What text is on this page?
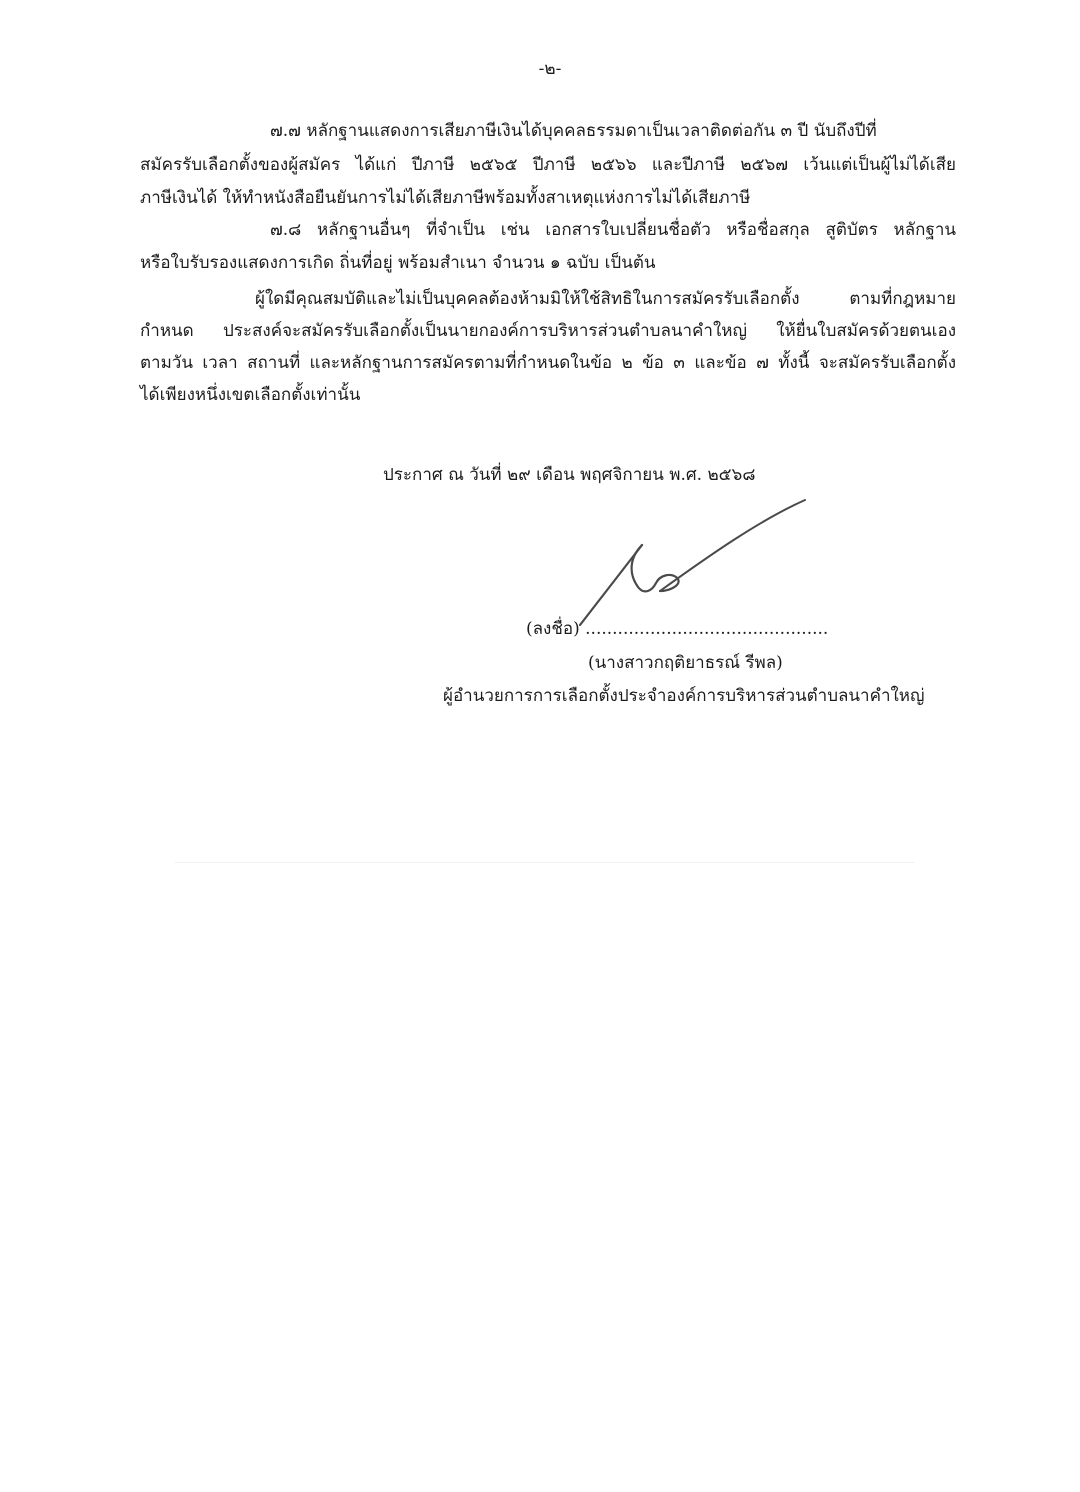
-๒-
๗.๗ หลักฐานแสดงการเสียภาษีเงินได้บุคคลธรรมดาเป็นเวลาติดต่อกัน ๓ ปี นับถึงปีที่
สมัครรับเลือกตั้งของผู้สมัคร ได้แก่ ปีภาษี ๒๕๖๕ ปีภาษี ๒๕๖๖ และปีภาษี ๒๕๖๗ เว้นแต่เป็นผู้ไม่ได้เสีย
ภาษีเงินได้ ให้ทำหนังสือยืนยันการไม่ได้เสียภาษีพร้อมทั้งสาเหตุแห่งการไม่ได้เสียภาษี
๗.๘ หลักฐานอื่นๆ ที่จำเป็น เช่น เอกสารใบเปลี่ยนชื่อตัว หรือชื่อสกุล สูติบัตร หลักฐาน
หรือใบรับรองแสดงการเกิด ถิ่นที่อยู่ พร้อมสำเนา จำนวน ๑ ฉบับ เป็นต้น
ผู้ใดมีคุณสมบัติและไม่เป็นบุคคลต้องห้ามมิให้ใช้สิทธิในการสมัครรับเลือกตั้ง ตามที่กฎหมาย
กำหนด ประสงค์จะสมัครรับเลือกตั้งเป็นนายกองค์การบริหารส่วนตำบลนาคำใหญ่ ให้ยื่นใบสมัครด้วยตนเอง
ตามวัน เวลา สถานที่ และหลักฐานการสมัครตามที่กำหนดในข้อ ๒ ข้อ ๓ และข้อ ๗ ทั้งนี้ จะสมัครรับเลือกตั้ง
ได้เพียงหนึ่งเขตเลือกตั้งเท่านั้น
ประกาศ ณ วันที่ ๒๙ เดือน พฤศจิกายน พ.ศ. ๒๕๖๘
(ลงชื่อ) .............................................
(นางสาวกฤติยาธรณ์ รีพล)
ผู้อำนวยการการเลือกตั้งประจำองค์การบริหารส่วนตำบลนาคำใหญ่
